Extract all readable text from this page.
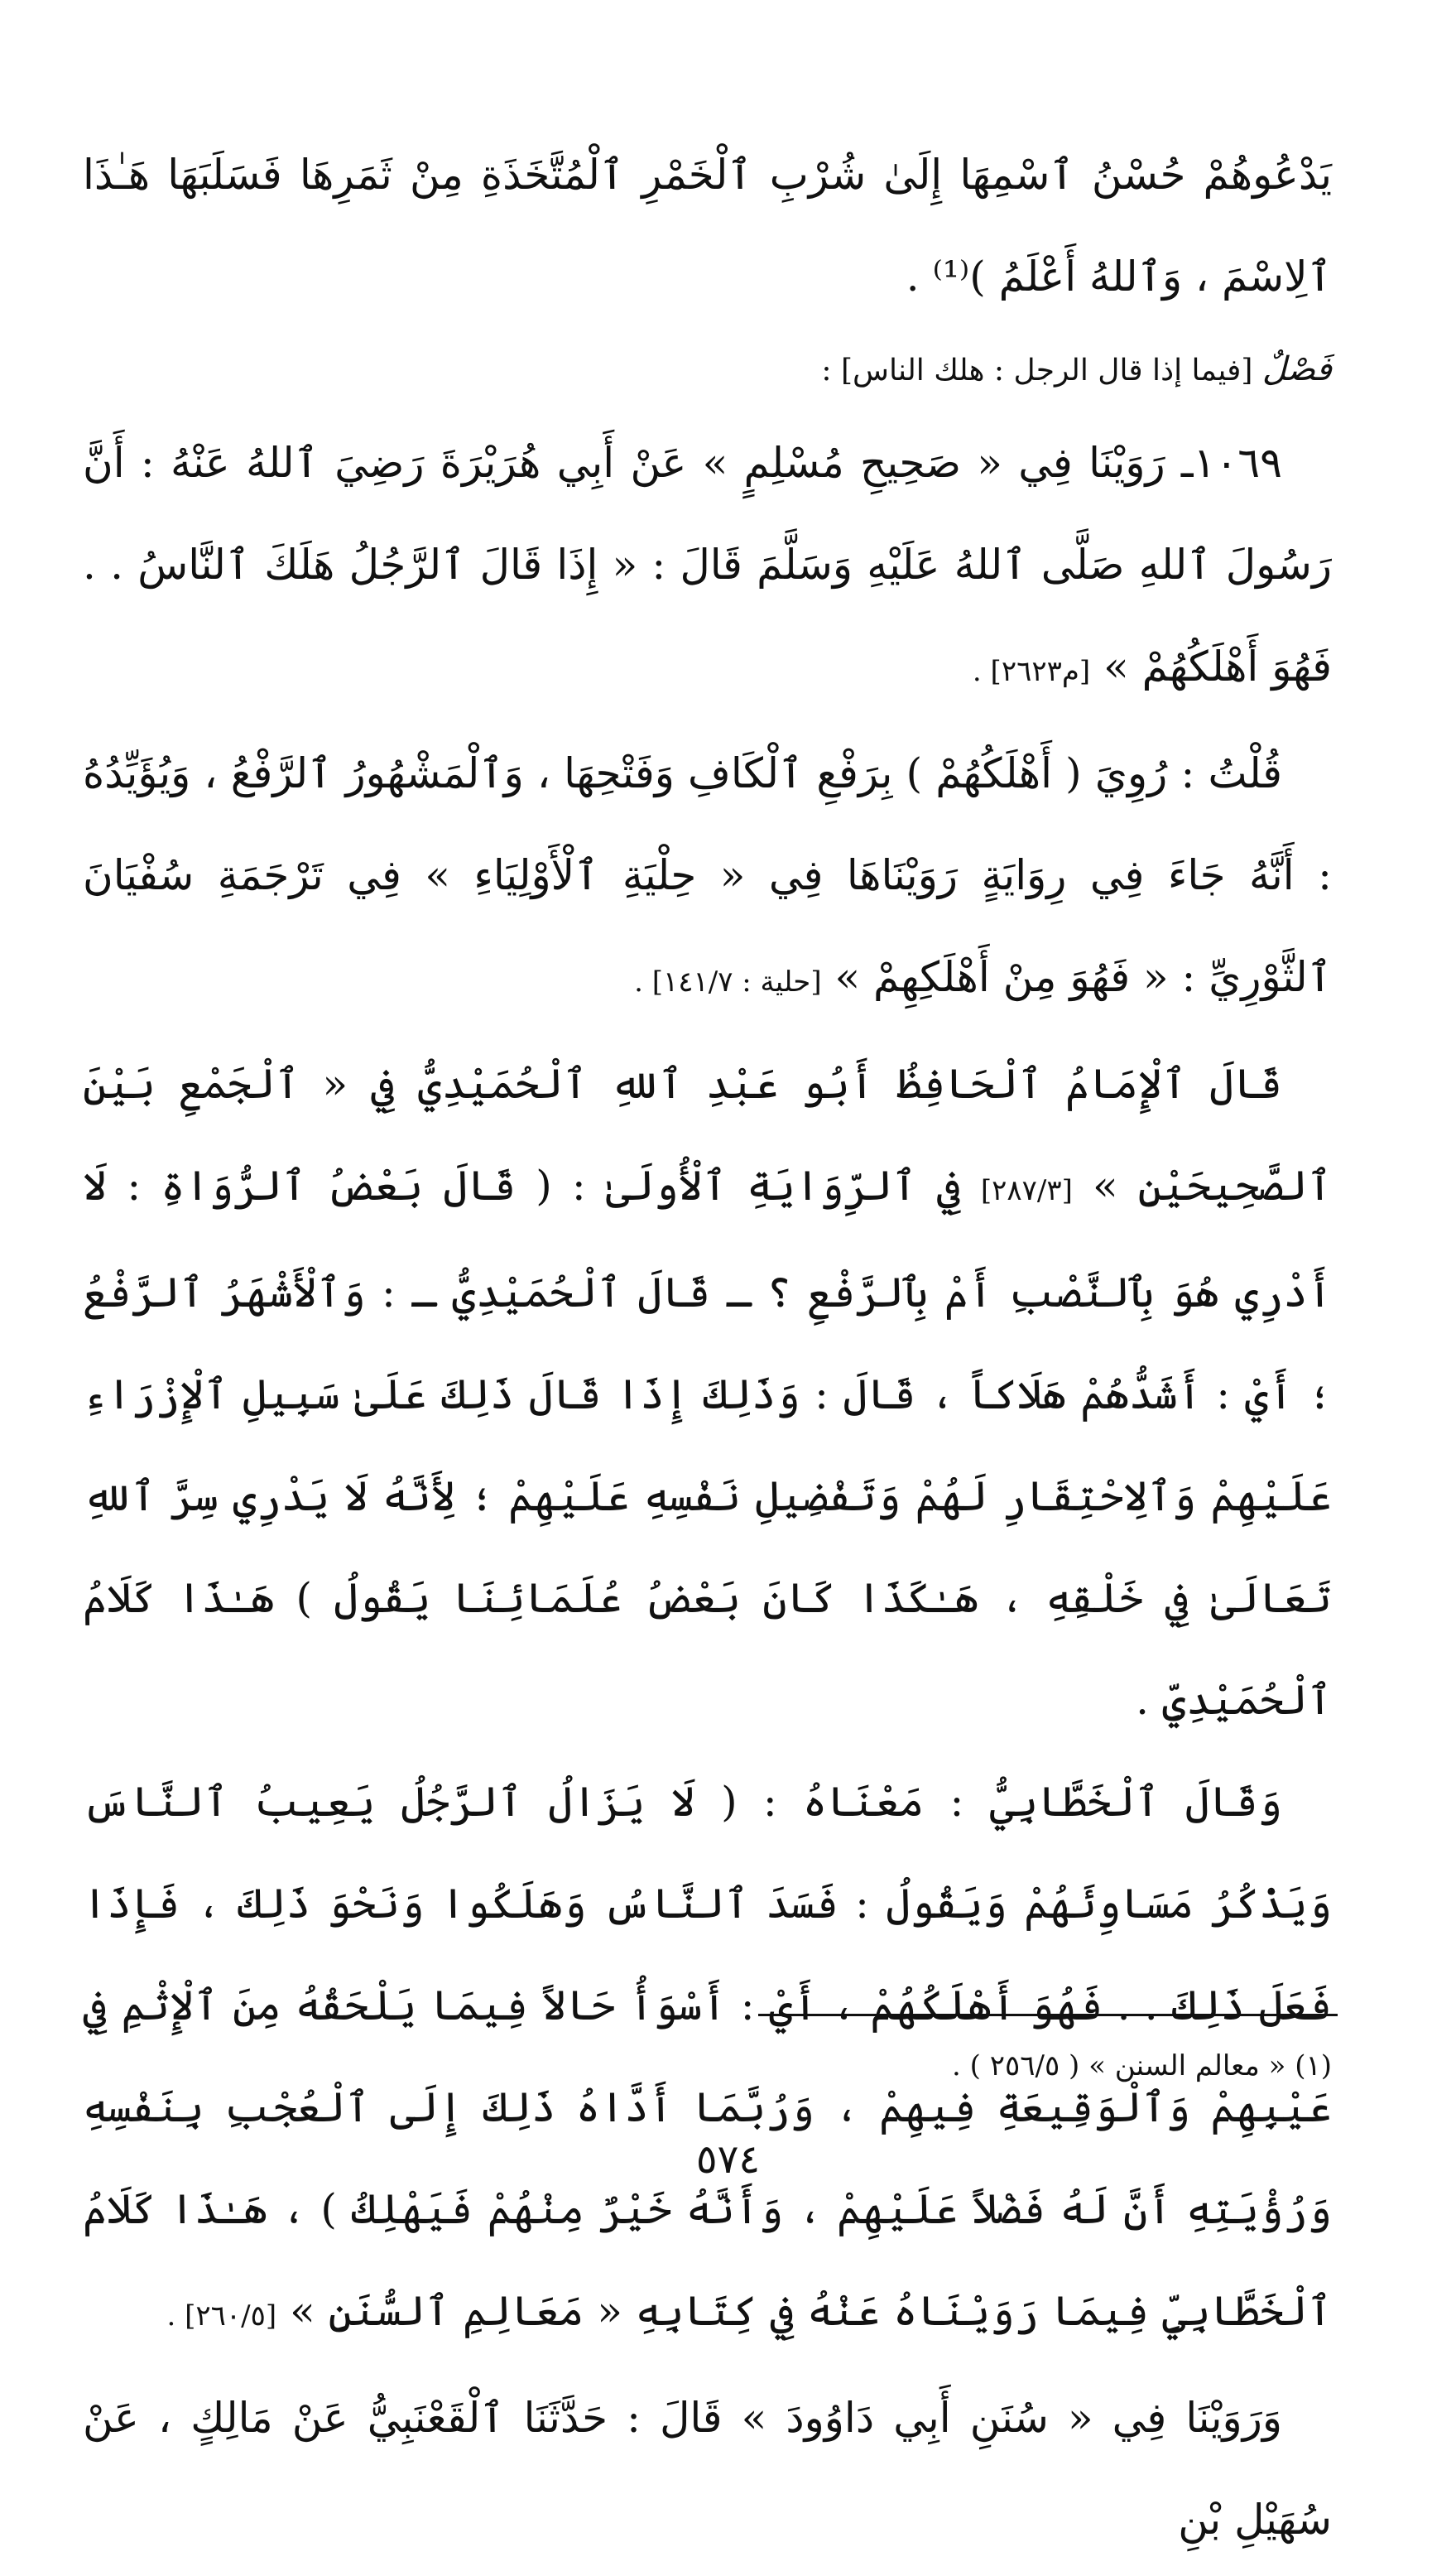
يَدْعُوهُمْ حُسْنُ ٱسْمِهَا إِلَىٰ شُرْبِ ٱلْخَمْرِ ٱلْمُتَّخَذَةِ مِنْ ثَمَرِهَا فَسَلَبَهَا هَـٰذَا ٱلِاسْمَ ، وَٱللهُ أَعْلَمُ )⁽¹⁾ .

فَصْلٌ [فيما إذا قال الرجل : هلك الناس] :

١٠٦٩ـ رَوَيْنَا فِي « صَحِيحِ مُسْلِمٍ » عَنْ أَبِي هُرَيْرَةَ رَضِيَ ٱللهُ عَنْهُ : أَنَّ رَسُولَ ٱللهِ صَلَّى ٱللهُ عَلَيْهِ وَسَلَّمَ قَالَ : « إِذَا قَالَ ٱلرَّجُلُ هَلَكَ ٱلنَّاسُ . . فَهُوَ أَهْلَكُهُمْ » [م٢٦٢٣] .

قُلْتُ : رُوِيَ ( أَهْلَكُهُمْ ) بِرَفْعِ ٱلْكَافِ وَفَتْحِهَا ، وَٱلْمَشْهُورُ ٱلرَّفْعُ ، وَيُؤَيِّدُهُ : أَنَّهُ جَاءَ فِي رِوَايَةٍ رَوَيْنَاهَا فِي « حِلْيَةِ ٱلْأَوْلِيَاءِ » فِي تَرْجَمَةِ سُفْيَانَ ٱلثَّوْرِيِّ : « فَهُوَ مِنْ أَهْلَكِهِمْ » [حلية : ١٤١/٧] .

قَالَ ٱلْإِمَامُ ٱلْحَافِظُ أَبُو عَبْدِ ٱللهِ ٱلْحُمَيْدِيُّ فِي « ٱلْجَمْعِ بَيْنَ ٱلصَّحِيحَيْنِ » [٢٨٧/٣] فِي ٱلرِّوَايَةِ ٱلْأُولَىٰ : ( قَالَ بَعْضُ ٱلرُّوَاةِ : لَا أَدْرِي هُوَ بِٱلنَّصْبِ أَمْ بِٱلرَّفْعِ ؟ ـ قَالَ ٱلْحُمَيْدِيُّ ـ : وَٱلْأَشْهَرُ ٱلرَّفْعُ ؛ أَيْ : أَشَدُّهُمْ هَلَاكاً ، قَالَ : وَذَلِكَ إِذَا قَالَ ذَلِكَ عَلَىٰ سَبِيلِ ٱلْإِزْرَاءِ عَلَيْهِمْ وَٱلِاحْتِقَارِ لَهُمْ وَتَفْضِيلِ نَفْسِهِ عَلَيْهِمْ ؛ لِأَنَّهُ لَا يَدْرِي سِرَّ ٱللهِ تَعَالَىٰ فِي خَلْقِهِ ، هَـٰكَذَا كَانَ بَعْضُ عُلَمَائِنَا يَقُولُ ) هَـٰذَا كَلَامُ ٱلْحُمَيْدِيِّ .

وَقَالَ ٱلْخَطَّابِيُّ : مَعْنَاهُ : ( لَا يَزَالُ ٱلرَّجُلُ يَعِيبُ ٱلنَّاسَ وَيَذْكُرُ مَسَاوِئَهُمْ وَيَقُولُ : فَسَدَ ٱلنَّاسُ وَهَلَكُوا وَنَحْوَ ذَلِكَ ، فَإِذَا فَعَلَ ذَلِكَ . . فَهُوَ أَهْلَكُهُمْ ، أَيْ : أَسْوَأُ حَالاً فِيمَا يَلْحَقُهُ مِنَ ٱلْإِثْمِ فِي عَيْبِهِمْ وَٱلْوَقِيعَةِ فِيهِمْ ، وَرُبَّمَا أَدَّاهُ ذَلِكَ إِلَى ٱلْعُجْبِ بِنَفْسِهِ وَرُؤْيَتِهِ أَنَّ لَهُ فَضْلاً عَلَيْهِمْ ، وَأَنَّهُ خَيْرٌ مِنْهُمْ فَيَهْلِكُ ) ، هَـٰذَا كَلَامُ ٱلْخَطَّابِيِّ فِيمَا رَوَيْنَاهُ عَنْهُ فِي كِتَابِهِ « مَعَالِمِ ٱلسُّنَنِ » [٢٦٠/٥] .

وَرَوَيْنَا فِي « سُنَنِ أَبِي دَاوُودَ » قَالَ : حَدَّثَنَا ٱلْقَعْنَبِيُّ عَنْ مَالِكٍ ، عَنْ سُهَيْلِ بْنِ

(١) « معالم السنن » ( ٢٥٦/٥ ) .
٥٧٤
